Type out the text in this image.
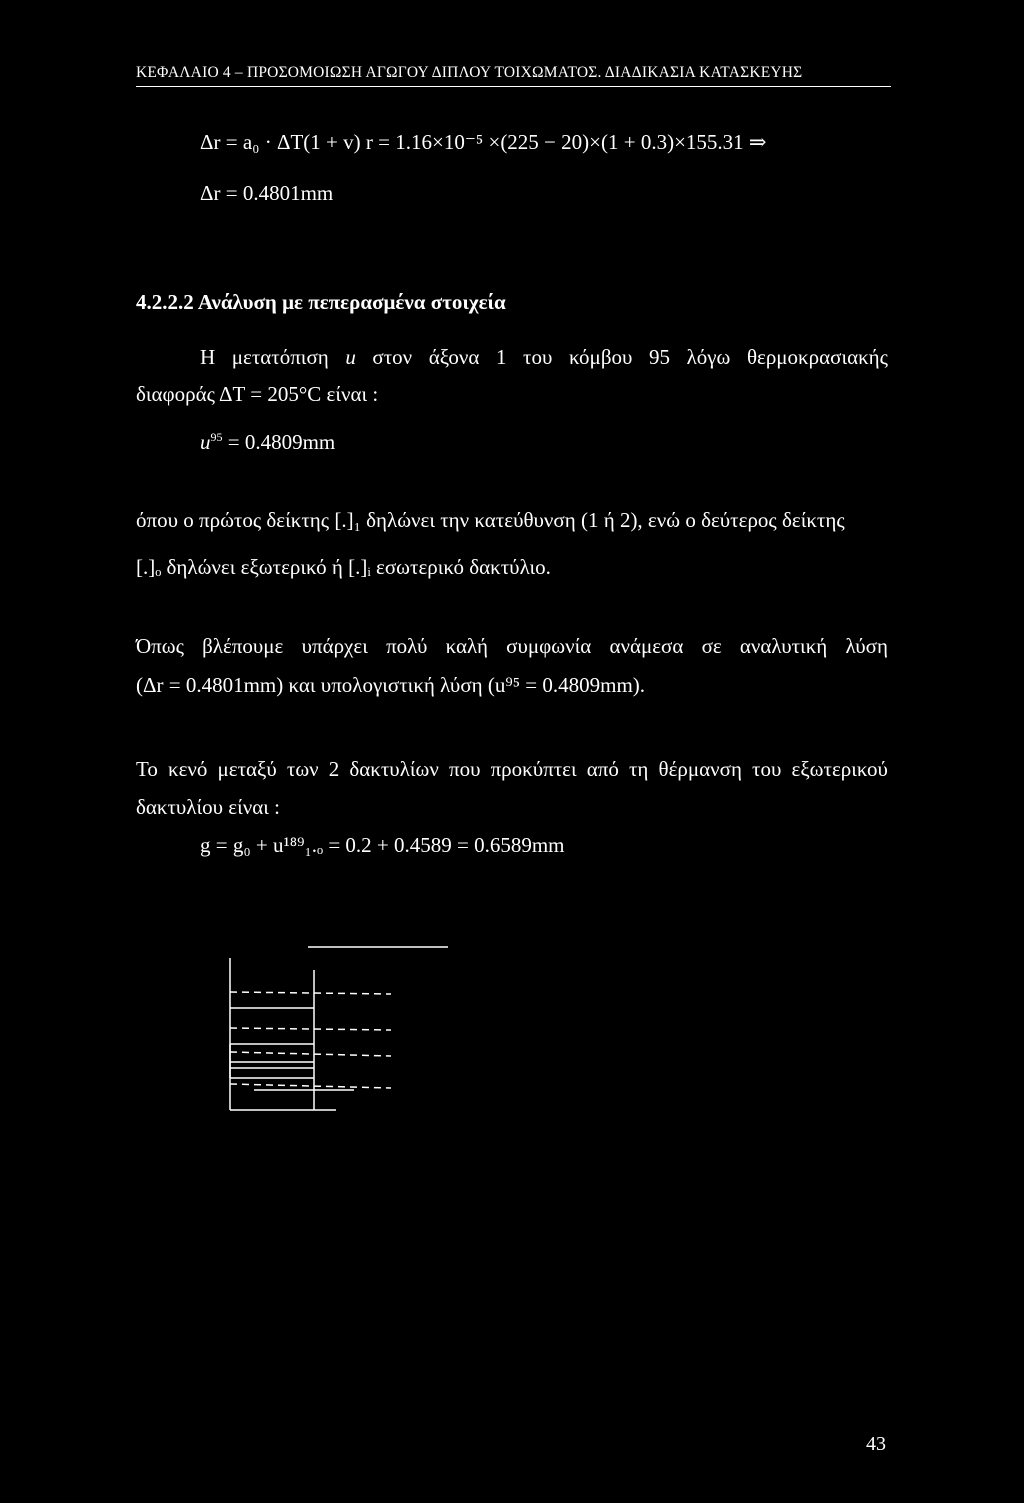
ΚΕΦΑΛΑΙΟ 4 – ΠΡΟΣΟΜΟΙΩΣΗ ΑΓΩΓΟΥ ΔΙΠΛΟΥ ΤΟΙΧΩΜΑΤΟΣ. ΔΙΑΔΙΚΑΣΙΑ ΚΑΤΑΣΚΕΥΗΣ
Δr = a₀ · ΔT(1 + v) r = 1.16×10⁻⁵ ×(225 − 20)×(1 + 0.3)×155.31 ⇒
Δr = 0.4801mm
4.2.2.2 Ανάλυση με πεπερασμένα στοιχεία
Η μετατόπιση u στον άξονα 1 του κόμβου 95 λόγω θερμοκρασιακής
διαφοράς ΔT = 205°C είναι :
$u^{95} = 0.4809mm$
όπου ο πρώτος δείκτης [.]₁ δηλώνει την κατεύθυνση (1 ή 2), ενώ ο δεύτερος δείκτης
[.]ₒ δηλώνει εξωτερικό ή [.]ᵢ εσωτερικό δακτύλιο.
Όπως βλέπουμε υπάρχει πολύ καλή συμφωνία ανάμεσα σε αναλυτική λύση
(Δr = 0.4801mm) και υπολογιστική λύση (u⁹⁵ = 0.4809mm).
Το κενό μεταξύ των 2 δακτυλίων που προκύπτει από τη θέρμανση του εξωτερικού
δακτυλίου είναι :
g = g₀ + u¹⁸⁹₁.ₒ = 0.2 + 0.4589 = 0.6589mm
43
